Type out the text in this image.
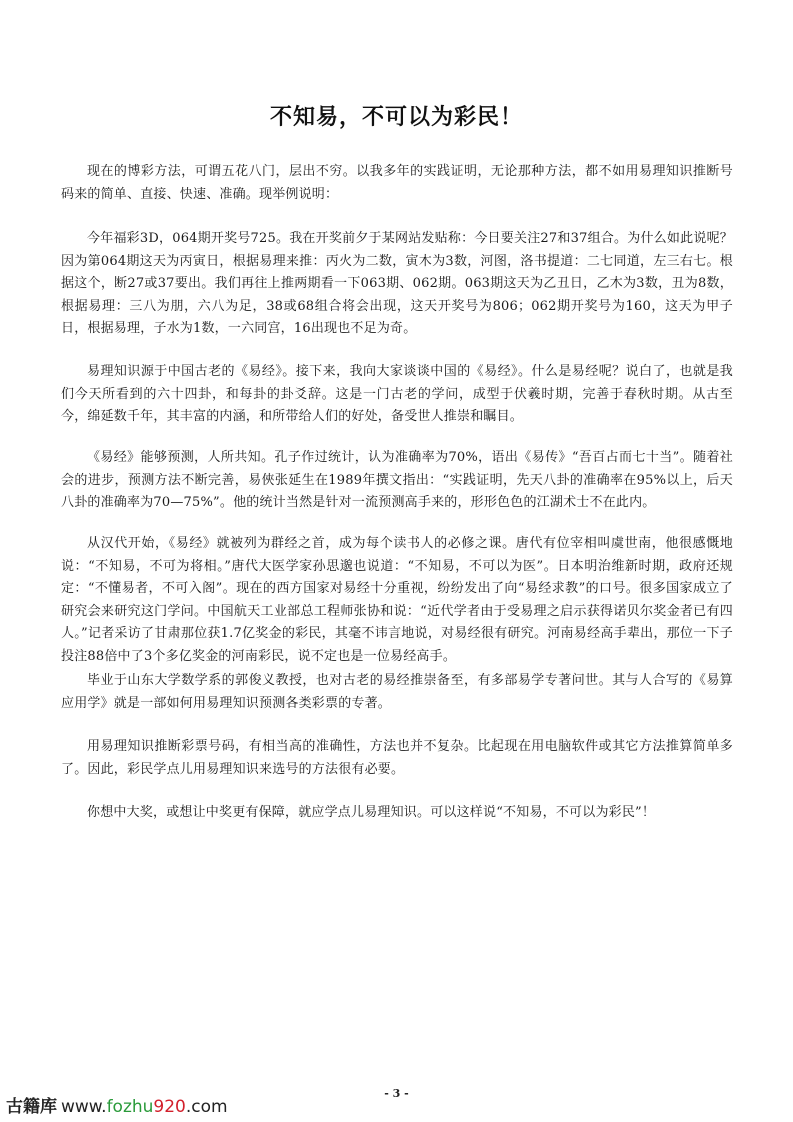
不知易，不可以为彩民！

现在的博彩方法，可谓五花八门，层出不穷。以我多年的实践证明，无论那种方法，都不如用易理知识推断号码来的简单、直接、快速、准确。现举例说明：

今年福彩3D，064期开奖号725。我在开奖前夕于某网站发贴称：今日要关注27和37组合。为什么如此说呢？因为第064期这天为丙寅日，根据易理来推：丙火为二数，寅木为3数，河图，洛书提道：二七同道，左三右七。根据这个，断27或37要出。我们再往上推两期看一下063期、062期。063期这天为乙丑日，乙木为3数，丑为8数，根据易理：三八为朋，六八为足，38或68组合将会出现，这天开奖号为806；062期开奖号为160，这天为甲子日，根据易理，子水为1数，一六同宫，16出现也不足为奇。

易理知识源于中国古老的《易经》。接下来，我向大家谈谈中国的《易经》。什么是易经呢？说白了，也就是我们今天所看到的六十四卦，和每卦的卦爻辞。这是一门古老的学问，成型于伏羲时期，完善于春秋时期。从古至今，绵延数千年，其丰富的内涵，和所带给人们的好处，备受世人推崇和瞩目。

《易经》能够预测，人所共知。孔子作过统计，认为准确率为70%，语出《易传》“吾百占而七十当”。随着社会的进步，预测方法不断完善，易俠张延生在1989年撰文指出：“实践证明，先天八卦的准确率在95%以上，后天八卦的准确率为70—75%”。他的统计当然是针对一流预测高手来的，形形色色的江湖术士不在此内。

从汉代开始，《易经》就被列为群经之首，成为每个读书人的必修之课。唐代有位宰相叫虞世南，他很感慨地说：“不知易，不可为将相。”唐代大医学家孙思邈也说道：“不知易，不可以为医”。日本明治维新时期，政府还规定：“不懂易者，不可入阁”。现在的西方国家对易经十分重视，纷纷发出了向“易经求教”的口号。很多国家成立了研究会来研究这门学问。中国航天工业部总工程师张协和说：“近代学者由于受易理之启示获得诺贝尔奖金者已有四人。”记者采访了甘肃那位获1.7亿奖金的彩民，其毫不讳言地说，对易经很有研究。河南易经高手辈出，那位一下子投注88倍中了3个多亿奖金的河南彩民，说不定也是一位易经高手。

毕业于山东大学数学系的郭俊义教授，也对古老的易经推崇备至，有多部易学专著问世。其与人合写的《易算应用学》就是一部如何用易理知识预测各类彩票的专著。

用易理知识推断彩票号码，有相当高的准确性，方法也并不复杂。比起现在用电脑软件或其它方法推算简单多了。因此，彩民学点儿用易理知识来选号的方法很有必要。

你想中大奖，或想让中奖更有保障，就应学点儿易理知识。可以这样说“不知易，不可以为彩民”！

- 3 -
古籍库 www.fozhu920.com
